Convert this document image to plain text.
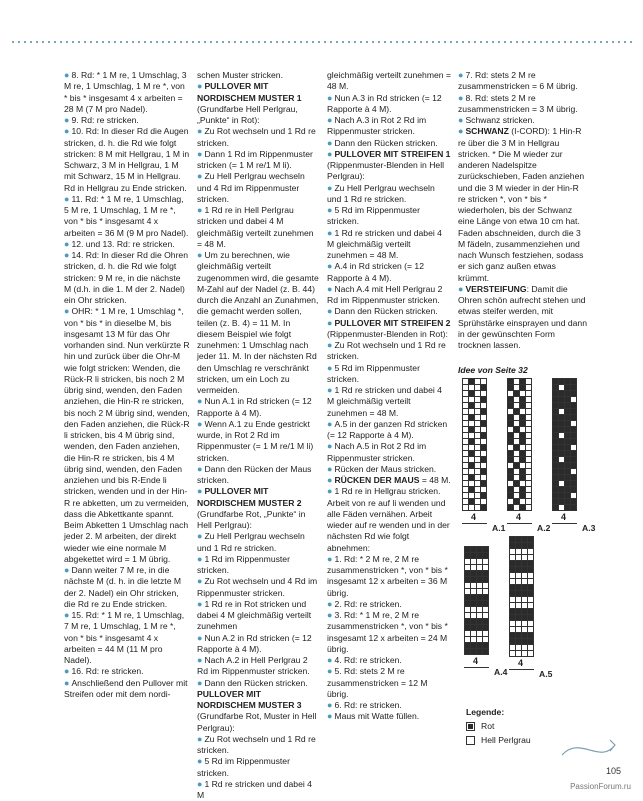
● 8. Rd: * 1 M re, 1 Umschlag, 3 M re, 1 Umschlag, 1 M re *, von * bis * insgesamt 4 x arbeiten = 28 M (7 M pro Nadel).

● 9. Rd: re stricken.

● 10. Rd: In dieser Rd die Augen stricken, d. h. die Rd wie folgt stricken: 8 M mit Hellgrau, 1 M in Schwarz, 3 M in Hellgrau, 1 M mit Schwarz, 15 M in Hellgrau. Rd in Hellgrau zu Ende stricken.

● 11. Rd: * 1 M re, 1 Umschlag, 5 M re, 1 Umschlag, 1 M re *, von * bis * insgesamt 4 x arbeiten = 36 M (9 M pro Nadel).

● 12. und 13. Rd: re stricken.

● 14. Rd: In dieser Rd die Ohren stricken, d. h. die Rd wie folgt stricken: 9 M re, in die nächste M (d.h. in die 1. M der 2. Nadel) ein Ohr stricken.

● OHR: * 1 M re, 1 Umschlag *, von * bis * in dieselbe M, bis insgesamt 13 M für das Ohr vorhanden sind. Nun verkürzte R hin und zurück über die Ohr-M wie folgt stricken: Wenden, die Rück-R li stricken, bis noch 2 M übrig sind, wenden, den Faden anziehen, die Hin-R re stricken, bis noch 2 M übrig sind, wenden, den Faden anziehen, die Rück-R li stricken, bis 4 M übrig sind, wenden, den Faden anziehen, die Hin-R re stricken, bis 4 M übrig sind, wenden, den Faden anziehen und bis R-Ende li stricken, wenden und in der Hin-R re abketten, um zu vermeiden, dass die Abkettkante spannt. Beim Abketten 1 Umschlag nach jeder 2. M arbeiten, der direkt wieder wie eine normale M abgekettet wird = 1 M übrig.

● Dann weiter 7 M re, in die nächste M (d. h. in die letzte M der 2. Nadel) ein Ohr stricken, die Rd re zu Ende stricken.

● 15. Rd: * 1 M re, 1 Umschlag, 7 M re, 1 Umschlag, 1 M re *, von * bis * insgesamt 4 x arbeiten = 44 M (11 M pro Nadel).

● 16. Rd: re stricken.

● Anschließend den Pullover mit Streifen oder mit dem nordi-

schen Muster stricken.

● PULLOVER MIT NORDISCHEM MUSTER 1 (Grundfarbe Hell Perlgrau, „Punkte“ in Rot):

● Zu Rot wechseln und 1 Rd re stricken.

● Dann 1 Rd im Rippenmuster stricken (= 1 M re/1 M li).

● Zu Hell Perlgrau wechseln und 4 Rd im Rippenmuster stricken.

● 1 Rd re in Hell Perlgrau stricken und dabei 4 M gleichmäßig verteilt zunehmen = 48 M.

● Um zu berechnen, wie gleichmäßig verteilt zugenommen wird, die gesamte M-Zahl auf der Nadel (z. B. 44) durch die Anzahl an Zunahmen, die gemacht werden sollen, teilen (z. B. 4) = 11 M. In diesem Beispiel wie folgt zunehmen: 1 Umschlag nach jeder 11. M. In der nächsten Rd den Umschlag re verschränkt stricken, um ein Loch zu vermeiden.

● Nun A.1 in Rd stricken (= 12 Rapporte à 4 M).

● Wenn A.1 zu Ende gestrickt wurde, in Rot 2 Rd im Rippenmuster (= 1 M re/1 M li) stricken.

● Dann den Rücken der Maus stricken.

● PULLOVER MIT NORDISCHEM MUSTER 2 (Grundfarbe Rot, „Punkte“ in Hell Perlgrau):

● Zu Hell Perlgrau wechseln und 1 Rd re stricken.

● 1 Rd im Rippenmuster stricken.

● Zu Rot wechseln und 4 Rd im Rippenmuster stricken.

● 1 Rd re in Rot stricken und dabei 4 M gleichmäßig verteilt zunehmen

● Nun A.2 in Rd stricken (= 12 Rapporte à 4 M).

● Nach A.2 in Hell Perlgrau 2 Rd im Rippenmuster stricken.

● Dann den Rücken stricken.

PULLOVER MIT NORDISCHEM MUSTER 3 (Grundfarbe Rot, Muster in Hell Perlgrau):

● Zu Rot wechseln und 1 Rd re stricken.

● 5 Rd im Rippenmuster stricken.

● 1 Rd re stricken und dabei 4 M

gleichmäßig verteilt zunehmen = 48 M.

● Nun A.3 in Rd stricken (= 12 Rapporte à 4 M).

● Nach A.3 in Rot 2 Rd im Rippenmuster stricken.

● Dann den Rücken stricken.

● PULLOVER MIT STREIFEN 1 (Rippenmuster-Blenden in Hell Perlgrau):

● Zu Hell Perlgrau wechseln und 1 Rd re stricken.

● 5 Rd im Rippenmuster stricken.

● 1 Rd re stricken und dabei 4 M gleichmäßig verteilt zunehmen = 48 M.

● A.4 in Rd stricken (= 12 Rapporte à 4 M).

● Nach A.4 mit Hell Perlgrau 2 Rd im Rippenmuster stricken.

● Dann den Rücken stricken.

● PULLOVER MIT STREIFEN 2 (Rippenmuster-Blenden in Rot):

● Zu Rot wechseln und 1 Rd re stricken.

● 5 Rd im Rippenmuster stricken.

● 1 Rd re stricken und dabei 4 M gleichmäßig verteilt zunehmen = 48 M.

● A.5 in der ganzen Rd stricken (= 12 Rapporte à 4 M).

● Nach A.5 in Rot 2 Rd im Rippenmuster stricken.

● Rücken der Maus stricken.

● RÜCKEN DER MAUS = 48 M.

● 1 Rd re in Hellgrau stricken. Arbeit von re auf li wenden und alle Fäden vernähen. Arbeit wieder auf re wenden und in der nächsten Rd wie folgt abnehmen:

● 1. Rd: * 2 M re, 2 M re zusammenstricken *, von * bis * insgesamt 12 x arbeiten = 36 M übrig.

● 2. Rd: re stricken.

● 3. Rd: * 1 M re, 2 M re zusammenstricken *, von * bis * insgesamt 12 x arbeiten = 24 M übrig.

● 4. Rd: re stricken.

● 5. Rd: stets 2 M re zusammenstricken = 12 M übrig.

● 6. Rd: re stricken.

● Maus mit Watte füllen.

● 7. Rd: stets 2 M re zusammenstricken = 6 M übrig.

● 8. Rd: stets 2 M re zusammenstricken = 3 M übrig.

● Schwanz stricken.

● SCHWANZ (I-CORD): 1 Hin-R re über die 3 M in Hellgrau stricken. * Die M wieder zur anderen Nadelspitze zurückschieben, Faden anziehen und die 3 M wieder in der Hin-R re stricken *, von * bis * wiederholen, bis der Schwanz eine Länge von etwa 10 cm hat. Faden abschneiden, durch die 3 M fädeln, zusammenziehen und nach Wunsch festziehen, sodass er sich ganz außen etwas krümmt.

● VERSTEIFUNG: Damit die Ohren schön aufrecht stehen und etwas steifer werden, mit Sprühstärke einsprayen und dann in der gewünschten Form trocknen lassen.

Idee von Seite 32
4
A.1
4
A.2
4
A.3
4
A.4
4
A.5
Legende:
Rot
Hell Perlgrau
105
PassionForum.ru
